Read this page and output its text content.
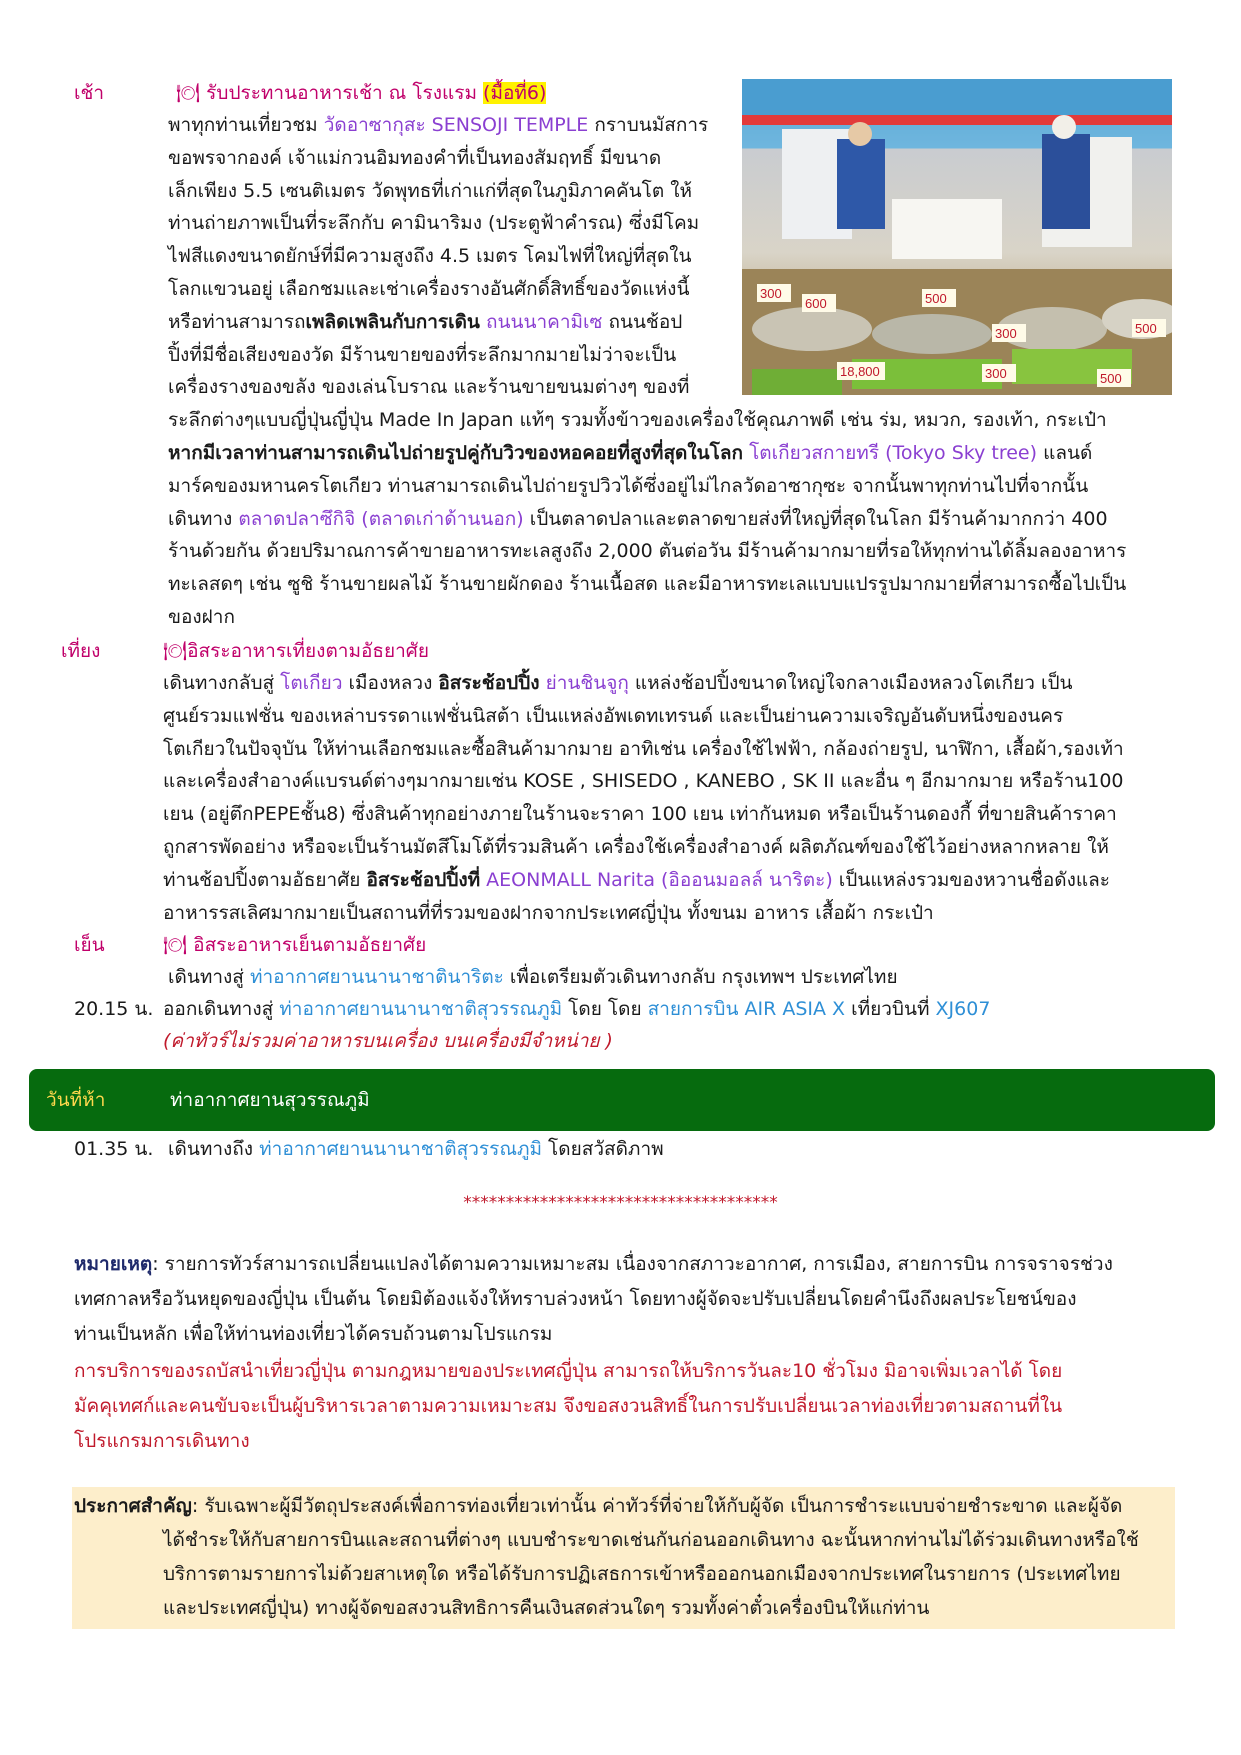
เช้า	🍽 รับประทานอาหารเช้า ณ โรงแรม (มื้อที่6)
พาทุกท่านเที่ยวชม วัดอาซากุสะ SENSOJI TEMPLE กราบนมัสการ
ขอพรจากองค์ เจ้าแม่กวนอิมทองคำที่เป็นทองสัมฤทธิ์ มีขนาด
เล็กเพียง 5.5 เซนติเมตร วัดพุทธที่เก่าแก่ที่สุดในภูมิภาคคันโต ให้
ท่านถ่ายภาพเป็นที่ระลึกกับ คามินาริมง (ประตูฟ้าคำรณ) ซึ่งมีโคม
ไฟสีแดงขนาดยักษ์ที่มีความสูงถึง 4.5 เมตร โคมไฟที่ใหญ่ที่สุดใน
โลกแขวนอยู่ เลือกชมและเช่าเครื่องรางอันศักดิ์สิทธิ์ของวัดแห่งนี้
หรือท่านสามารถเพลิดเพลินกับการเดิน ถนนนาคามิเซ ถนนช้อป
ปิ้งที่มีชื่อเสียงของวัด มีร้านขายของที่ระลึกมากมายไม่ว่าจะเป็น
เครื่องรางของขลัง ของเล่นโบราณ และร้านขายขนมต่างๆ ของที่
ระลึกต่างๆแบบญี่ปุ่นญี่ปุ่น Made In Japan แท้ๆ รวมทั้งข้าวของเครื่องใช้คุณภาพดี เช่น ร่ม, หมวก, รองเท้า, กระเป๋า
หากมีเวลาท่านสามารถเดินไปถ่ายรูปคู่กับวิวของหอคอยที่สูงที่สุดในโลก โตเกียวสกายทรี (Tokyo Sky tree) แลนด์
มาร์คของมหานครโตเกียว ท่านสามารถเดินไปถ่ายรูปวิวได้ซึ่งอยู่ไม่ไกลวัดอาซากุซะ จากนั้นพาทุกท่านไปที่จากนั้น
เดินทาง ตลาดปลาซึกิจิ (ตลาดเก่าด้านนอก) เป็นตลาดปลาและตลาดขายส่งที่ใหญ่ที่สุดในโลก มีร้านค้ามากกว่า 400
ร้านด้วยกัน ด้วยปริมาณการค้าขายอาหารทะเลสูงถึง 2,000 ตันต่อวัน มีร้านค้ามากมายที่รอให้ทุกท่านได้ลิ้มลองอาหาร
ทะเลสดๆ เช่น ซูชิ ร้านขายผลไม้ ร้านขายผักดอง ร้านเนื้อสด และมีอาหารทะเลแบบแปรรูปมากมายที่สามารถซื้อไปเป็น
ของฝาก
300
600	500
500
300
18,800	500
300
เที่ยง	🍽อิสระอาหารเที่ยงตามอัธยาศัย
เดินทางกลับสู่ โตเกียว เมืองหลวง อิสระช้อปปิ้ง ย่านชินจูกุ แหล่งช้อปปิ้งขนาดใหญ่ใจกลางเมืองหลวงโตเกียว เป็น
ศูนย์รวมแฟชั่น ของเหล่าบรรดาแฟชั่นนิสต้า เป็นแหล่งอัพเดทเทรนด์ และเป็นย่านความเจริญอันดับหนึ่งของนคร
โตเกียวในปัจจุบัน ให้ท่านเลือกชมและซื้อสินค้ามากมาย อาทิเช่น เครื่องใช้ไฟฟ้า, กล้องถ่ายรูป, นาฬิกา, เสื้อผ้า,รองเท้า
และเครื่องสำอางค์แบรนด์ต่างๆมากมายเช่น KOSE , SHISEDO , KANEBO , SK II และอื่น ๆ อีกมากมาย หรือร้าน100
เยน (อยู่ตึกPEPEชั้น8) ซึ่งสินค้าทุกอย่างภายในร้านจะราคา 100 เยน เท่ากันหมด หรือเป็นร้านดองกี้ ที่ขายสินค้าราคา
ถูกสารพัดอย่าง หรือจะเป็นร้านมัตสึโมโต้ที่รวมสินค้า เครื่องใช้เครื่องสำอางค์ ผลิตภัณฑ์ของใช้ไว้อย่างหลากหลาย ให้
ท่านช้อปปิ้งตามอัธยาศัย อิสระช้อปปิ้งที่ AEONMALL Narita (อิออนมอลล์ นาริตะ) เป็นแหล่งรวมของหวานชื่อดังและ
อาหารรสเลิศมากมายเป็นสถานที่ที่รวมของฝากจากประเทศญี่ปุ่น ทั้งขนม อาหาร เสื้อผ้า กระเป๋า
เย็น	🍽 อิสระอาหารเย็นตามอัธยาศัย
เดินทางสู่ ท่าอากาศยานนานาชาตินาริตะ เพื่อเตรียมตัวเดินทางกลับ กรุงเทพฯ ประเทศไทย
20.15 น. ออกเดินทางสู่ ท่าอากาศยานนานาชาติสุวรรณภูมิ โดย โดย สายการบิน AIR ASIA X เที่ยวบินที่ XJ607
(ค่าทัวร์ไม่รวมค่าอาหารบนเครื่อง บนเครื่องมีจำหน่าย )
วันที่ห้า	ท่าอากาศยานสุวรรณภูมิ
01.35 น. เดินทางถึง ท่าอากาศยานนานาชาติสุวรรณภูมิ โดยสวัสดิภาพ
*************************************
หมายเหตุ: รายการทัวร์สามารถเปลี่ยนแปลงได้ตามความเหมาะสม เนื่องจากสภาวะอากาศ, การเมือง, สายการบิน การจราจรช่วง
เทศกาลหรือวันหยุดของญี่ปุ่น เป็นต้น โดยมิต้องแจ้งให้ทราบล่วงหน้า โดยทางผู้จัดจะปรับเปลี่ยนโดยคำนึงถึงผลประโยชน์ของ
ท่านเป็นหลัก เพื่อให้ท่านท่องเที่ยวได้ครบถ้วนตามโปรแกรม
การบริการของรถบัสนำเที่ยวญี่ปุ่น ตามกฎหมายของประเทศญี่ปุ่น สามารถให้บริการวันละ10 ชั่วโมง มิอาจเพิ่มเวลาได้ โดย
มัคคุเทศก์และคนขับจะเป็นผู้บริหารเวลาตามความเหมาะสม จึงขอสงวนสิทธิ์ในการปรับเปลี่ยนเวลาท่องเที่ยวตามสถานที่ใน
โปรแกรมการเดินทาง
ประกาศสำคัญ: รับเฉพาะผู้มีวัตถุประสงค์เพื่อการท่องเที่ยวเท่านั้น ค่าทัวร์ที่จ่ายให้กับผู้จัด เป็นการชำระแบบจ่ายชำระขาด และผู้จัด
ได้ชำระให้กับสายการบินและสถานที่ต่างๆ แบบชำระขาดเช่นกันก่อนออกเดินทาง ฉะนั้นหากท่านไม่ได้ร่วมเดินทางหรือใช้
บริการตามรายการไม่ด้วยสาเหตุใด หรือได้รับการปฏิเสธการเข้าหรือออกนอกเมืองจากประเทศในรายการ (ประเทศไทย
และประเทศญี่ปุ่น) ทางผู้จัดขอสงวนสิทธิการคืนเงินสดส่วนใดๆ รวมทั้งค่าตั๋วเครื่องบินให้แก่ท่าน
